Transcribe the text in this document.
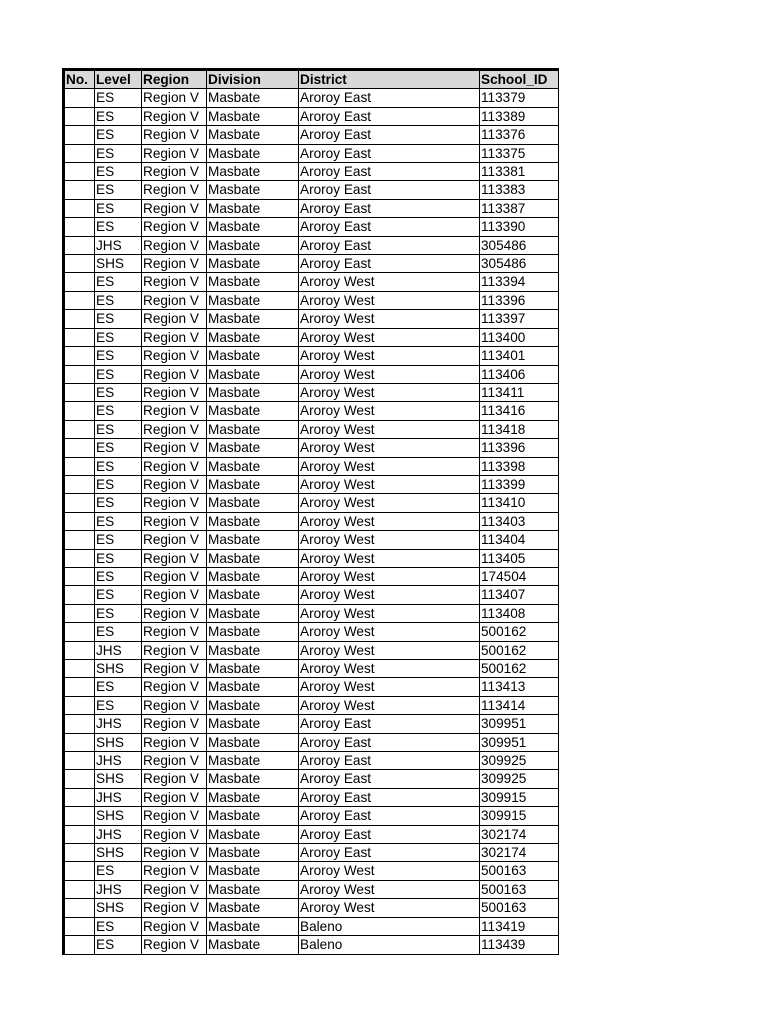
No.	Level	Region	Division	District	School_ID
	ES	Region V	Masbate	Aroroy East	113379
	ES	Region V	Masbate	Aroroy East	113389
	ES	Region V	Masbate	Aroroy East	113376
	ES	Region V	Masbate	Aroroy East	113375
	ES	Region V	Masbate	Aroroy East	113381
	ES	Region V	Masbate	Aroroy East	113383
	ES	Region V	Masbate	Aroroy East	113387
	ES	Region V	Masbate	Aroroy East	113390
	JHS	Region V	Masbate	Aroroy East	305486
	SHS	Region V	Masbate	Aroroy East	305486
	ES	Region V	Masbate	Aroroy West	113394
	ES	Region V	Masbate	Aroroy West	113396
	ES	Region V	Masbate	Aroroy West	113397
	ES	Region V	Masbate	Aroroy West	113400
	ES	Region V	Masbate	Aroroy West	113401
	ES	Region V	Masbate	Aroroy West	113406
	ES	Region V	Masbate	Aroroy West	113411
	ES	Region V	Masbate	Aroroy West	113416
	ES	Region V	Masbate	Aroroy West	113418
	ES	Region V	Masbate	Aroroy West	113396
	ES	Region V	Masbate	Aroroy West	113398
	ES	Region V	Masbate	Aroroy West	113399
	ES	Region V	Masbate	Aroroy West	113410
	ES	Region V	Masbate	Aroroy West	113403
	ES	Region V	Masbate	Aroroy West	113404
	ES	Region V	Masbate	Aroroy West	113405
	ES	Region V	Masbate	Aroroy West	174504
	ES	Region V	Masbate	Aroroy West	113407
	ES	Region V	Masbate	Aroroy West	113408
	ES	Region V	Masbate	Aroroy West	500162
	JHS	Region V	Masbate	Aroroy West	500162
	SHS	Region V	Masbate	Aroroy West	500162
	ES	Region V	Masbate	Aroroy West	113413
	ES	Region V	Masbate	Aroroy West	113414
	JHS	Region V	Masbate	Aroroy East	309951
	SHS	Region V	Masbate	Aroroy East	309951
	JHS	Region V	Masbate	Aroroy East	309925
	SHS	Region V	Masbate	Aroroy East	309925
	JHS	Region V	Masbate	Aroroy East	309915
	SHS	Region V	Masbate	Aroroy East	309915
	JHS	Region V	Masbate	Aroroy East	302174
	SHS	Region V	Masbate	Aroroy East	302174
	ES	Region V	Masbate	Aroroy West	500163
	JHS	Region V	Masbate	Aroroy West	500163
	SHS	Region V	Masbate	Aroroy West	500163
	ES	Region V	Masbate	Baleno	113419
	ES	Region V	Masbate	Baleno	113439
